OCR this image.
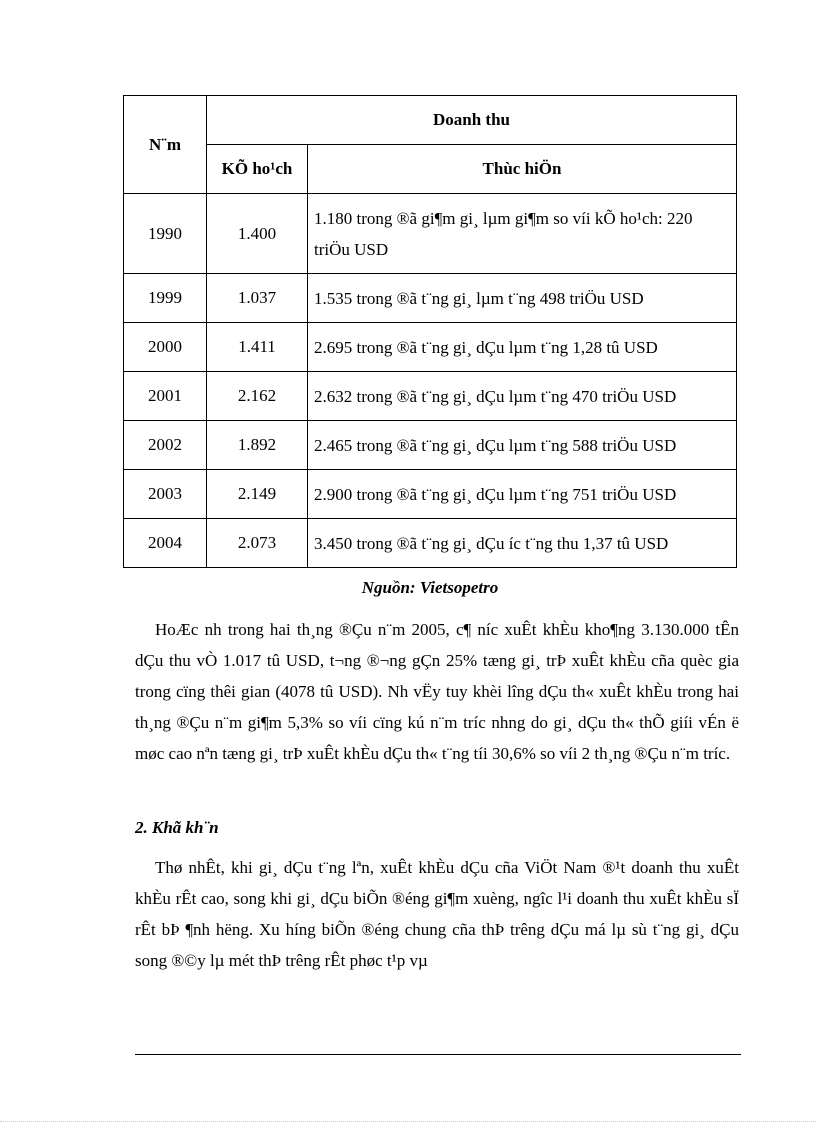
N¨m	Doanh thu	
	KÕ ho¹ch	Thùc hiÖn
1990	1.400	1.180 trong ®ã gi¶m gi¸ lµm gi¶m so víi kÕ ho¹ch: 220 triÖu USD
1999	1.037	1.535 trong ®ã t¨ng gi¸ lµm t¨ng 498 triÖu USD
2000	1.411	2.695 trong ®ã t¨ng gi¸ dÇu lµm t¨ng 1,28 tû USD
2001	2.162	2.632 trong ®ã t¨ng gi¸ dÇu lµm t¨ng 470 triÖu USD
2002	1.892	2.465 trong ®ã t¨ng gi¸ dÇu lµm t¨ng 588 triÖu USD
2003	2.149	2.900 trong ®ã t¨ng gi¸ dÇu lµm t¨ng 751 triÖu USD
2004	2.073	3.450 trong ®ã t¨ng gi¸ dÇu íc t¨ng thu 1,37 tû USD
Nguồn: Vietsopetro

HoÆc nh trong hai th¸ng ®Çu n¨m 2005, c¶ níc xuÊt khÈu kho¶ng 3.130.000 tÊn dÇu thu vÒ 1.017 tû USD, t¬ng ®¬ng gÇn 25% tæng gi¸ trÞ xuÊt khÈu cña quèc gia trong cïng thêi gian (4078 tû USD). Nh vËy tuy khèi lîng dÇu th« xuÊt khÈu trong hai th¸ng ®Çu n¨m gi¶m 5,3% so víi cïng kú n¨m tríc nhng do gi¸ dÇu th« thÕ giíi vÉn ë møc cao nªn tæng gi¸ trÞ xuÊt khÈu dÇu th« t¨ng tíi 30,6% so víi 2 th¸ng ®Çu n¨m tríc.

2. Khã kh¨n

Thø nhÊt, khi gi¸ dÇu t¨ng lªn, xuÊt khÈu dÇu cña ViÖt Nam ®¹t doanh thu xuÊt khÈu rÊt cao, song khi gi¸ dÇu biÕn ®éng gi¶m xuèng, ngîc l¹i doanh thu xuÊt khÈu sÏ rÊt bÞ ¶nh hëng. Xu híng biÕn ®éng chung cña thÞ trêng dÇu má lµ sù t¨ng gi¸ dÇu song ®©y lµ mét thÞ trêng rÊt phøc t¹p vµ
